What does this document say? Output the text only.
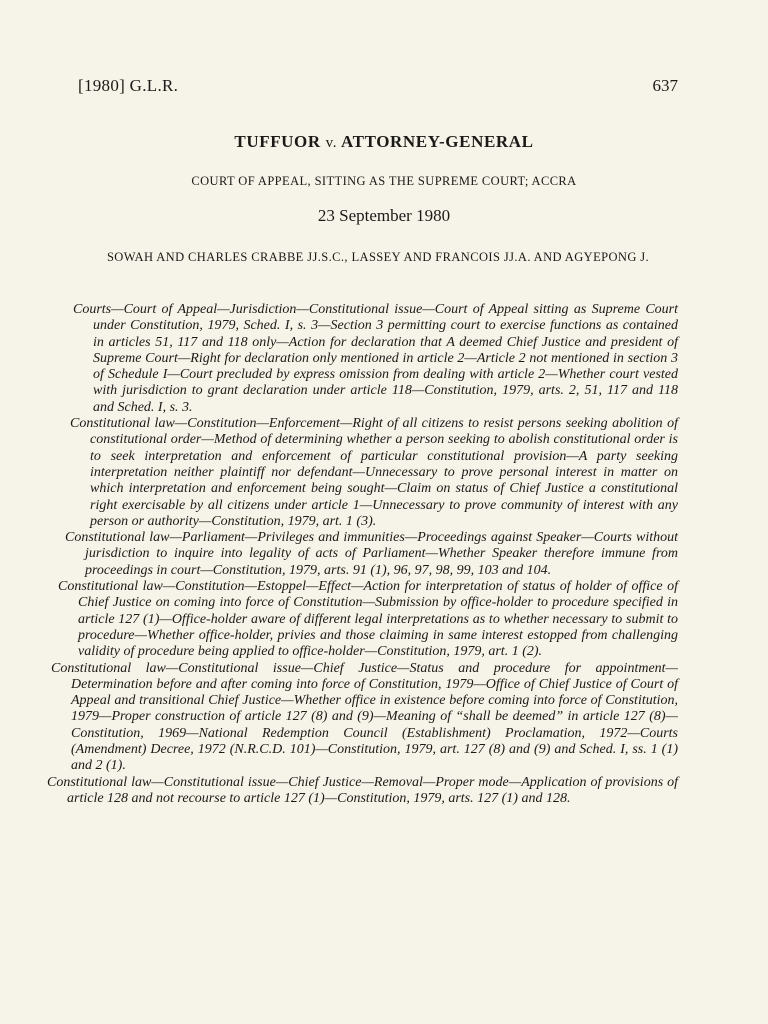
[1980] G.L.R.	637
TUFFUOR v. ATTORNEY-GENERAL
COURT OF APPEAL, SITTING AS THE SUPREME COURT; ACCRA
23 September 1980
SOWAH AND CHARLES CRABBE JJ.S.C., LASSEY AND FRANCOIS JJ.A. AND AGYEPONG J.

Courts—Court of Appeal—Jurisdiction—Constitutional issue—Court of Appeal sitting as Supreme Court under Constitution, 1979, Sched. I, s. 3—Section 3 permitting court to exercise functions as contained in articles 51, 117 and 118 only—Action for declaration that A deemed Chief Justice and president of Supreme Court—Right for declaration only mentioned in article 2—Article 2 not mentioned in section 3 of Schedule I—Court precluded by express omission from dealing with article 2—Whether court vested with jurisdiction to grant declaration under article 118—Constitution, 1979, arts. 2, 51, 117 and 118 and Sched. I, s. 3.

Constitutional law—Constitution—Enforcement—Right of all citizens to resist persons seeking abolition of constitutional order—Method of determining whether a person seeking to abolish constitutional order is to seek interpretation and enforcement of particular constitutional provision—A party seeking interpretation neither plaintiff nor defendant—Unnecessary to prove personal interest in matter on which interpretation and enforcement being sought—Claim on status of Chief Justice a constitutional right exercisable by all citizens under article 1—Unnecessary to prove community of interest with any person or authority—Constitution, 1979, art. 1 (3).

Constitutional law—Parliament—Privileges and immunities—Proceedings against Speaker—Courts without jurisdiction to inquire into legality of acts of Parliament—Whether Speaker therefore immune from proceedings in court—Constitution, 1979, arts. 91 (1), 96, 97, 98, 99, 103 and 104.

Constitutional law—Constitution—Estoppel—Effect—Action for interpretation of status of holder of office of Chief Justice on coming into force of Constitution—Submission by office-holder to procedure specified in article 127 (1)—Office-holder aware of different legal interpretations as to whether necessary to submit to procedure—Whether office-holder, privies and those claiming in same interest estopped from challenging validity of procedure being applied to office-holder—Constitution, 1979, art. 1 (2).

Constitutional law—Constitutional issue—Chief Justice—Status and procedure for appointment—Determination before and after coming into force of Constitution, 1979—Office of Chief Justice of Court of Appeal and transitional Chief Justice—Whether office in existence before coming into force of Constitution, 1979—Proper construction of article 127 (8) and (9)—Meaning of “shall be deemed” in article 127 (8)—Constitution, 1969—National Redemption Council (Establishment) Proclamation, 1972—Courts (Amendment) Decree, 1972 (N.R.C.D. 101)—Constitution, 1979, art. 127 (8) and (9) and Sched. I, ss. 1 (1) and 2 (1).

Constitutional law—Constitutional issue—Chief Justice—Removal—Proper mode—Application of provisions of article 128 and not recourse to article 127 (1)—Constitution, 1979, arts. 127 (1) and 128.
